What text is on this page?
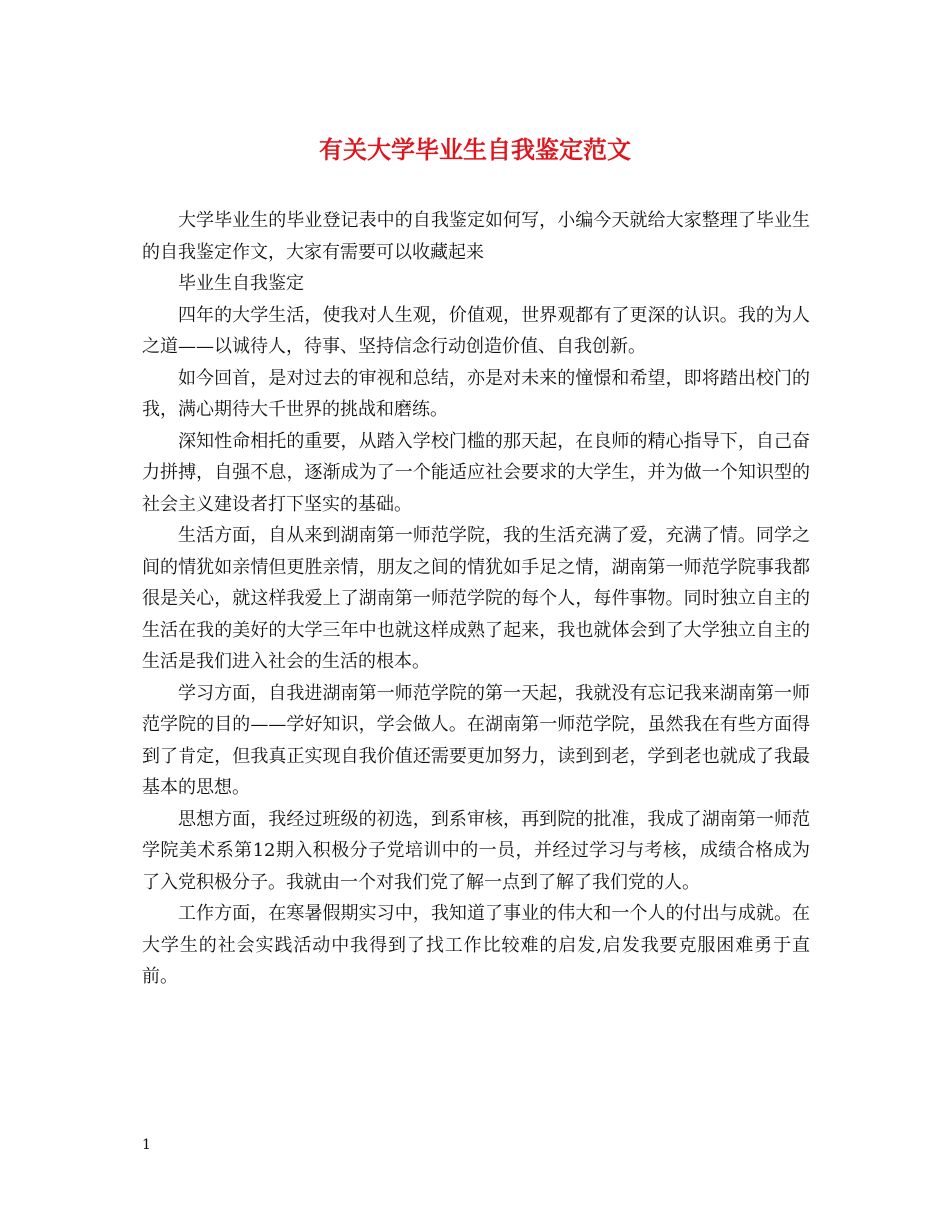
有关大学毕业生自我鉴定范文

大学毕业生的毕业登记表中的自我鉴定如何写，小编今天就给大家整理了毕业生的自我鉴定作文，大家有需要可以收藏起来

毕业生自我鉴定

四年的大学生活，使我对人生观，价值观，世界观都有了更深的认识。我的为人之道——以诚待人，待事、坚持信念行动创造价值、自我创新。

如今回首，是对过去的审视和总结，亦是对未来的憧憬和希望，即将踏出校门的我，满心期待大千世界的挑战和磨练。

深知性命相托的重要，从踏入学校门槛的那天起，在良师的精心指导下，自己奋力拼搏，自强不息，逐渐成为了一个能适应社会要求的大学生，并为做一个知识型的社会主义建设者打下坚实的基础。

生活方面，自从来到湖南第一师范学院，我的生活充满了爱，充满了情。同学之间的情犹如亲情但更胜亲情，朋友之间的情犹如手足之情，湖南第一师范学院事我都很是关心，就这样我爱上了湖南第一师范学院的每个人，每件事物。同时独立自主的生活在我的美好的大学三年中也就这样成熟了起来，我也就体会到了大学独立自主的生活是我们进入社会的生活的根本。

学习方面，自我进湖南第一师范学院的第一天起，我就没有忘记我来湖南第一师范学院的目的——学好知识，学会做人。在湖南第一师范学院，虽然我在有些方面得到了肯定，但我真正实现自我价值还需要更加努力，读到到老，学到老也就成了我最基本的思想。

思想方面，我经过班级的初选，到系审核，再到院的批准，我成了湖南第一师范学院美术系第12期入积极分子党培训中的一员，并经过学习与考核，成绩合格成为了入党积极分子。我就由一个对我们党了解一点到了解了我们党的人。

工作方面，在寒暑假期实习中，我知道了事业的伟大和一个人的付出与成就。在大学生的社会实践活动中我得到了找工作比较难的启发,启发我要克服困难勇于直前。

1
